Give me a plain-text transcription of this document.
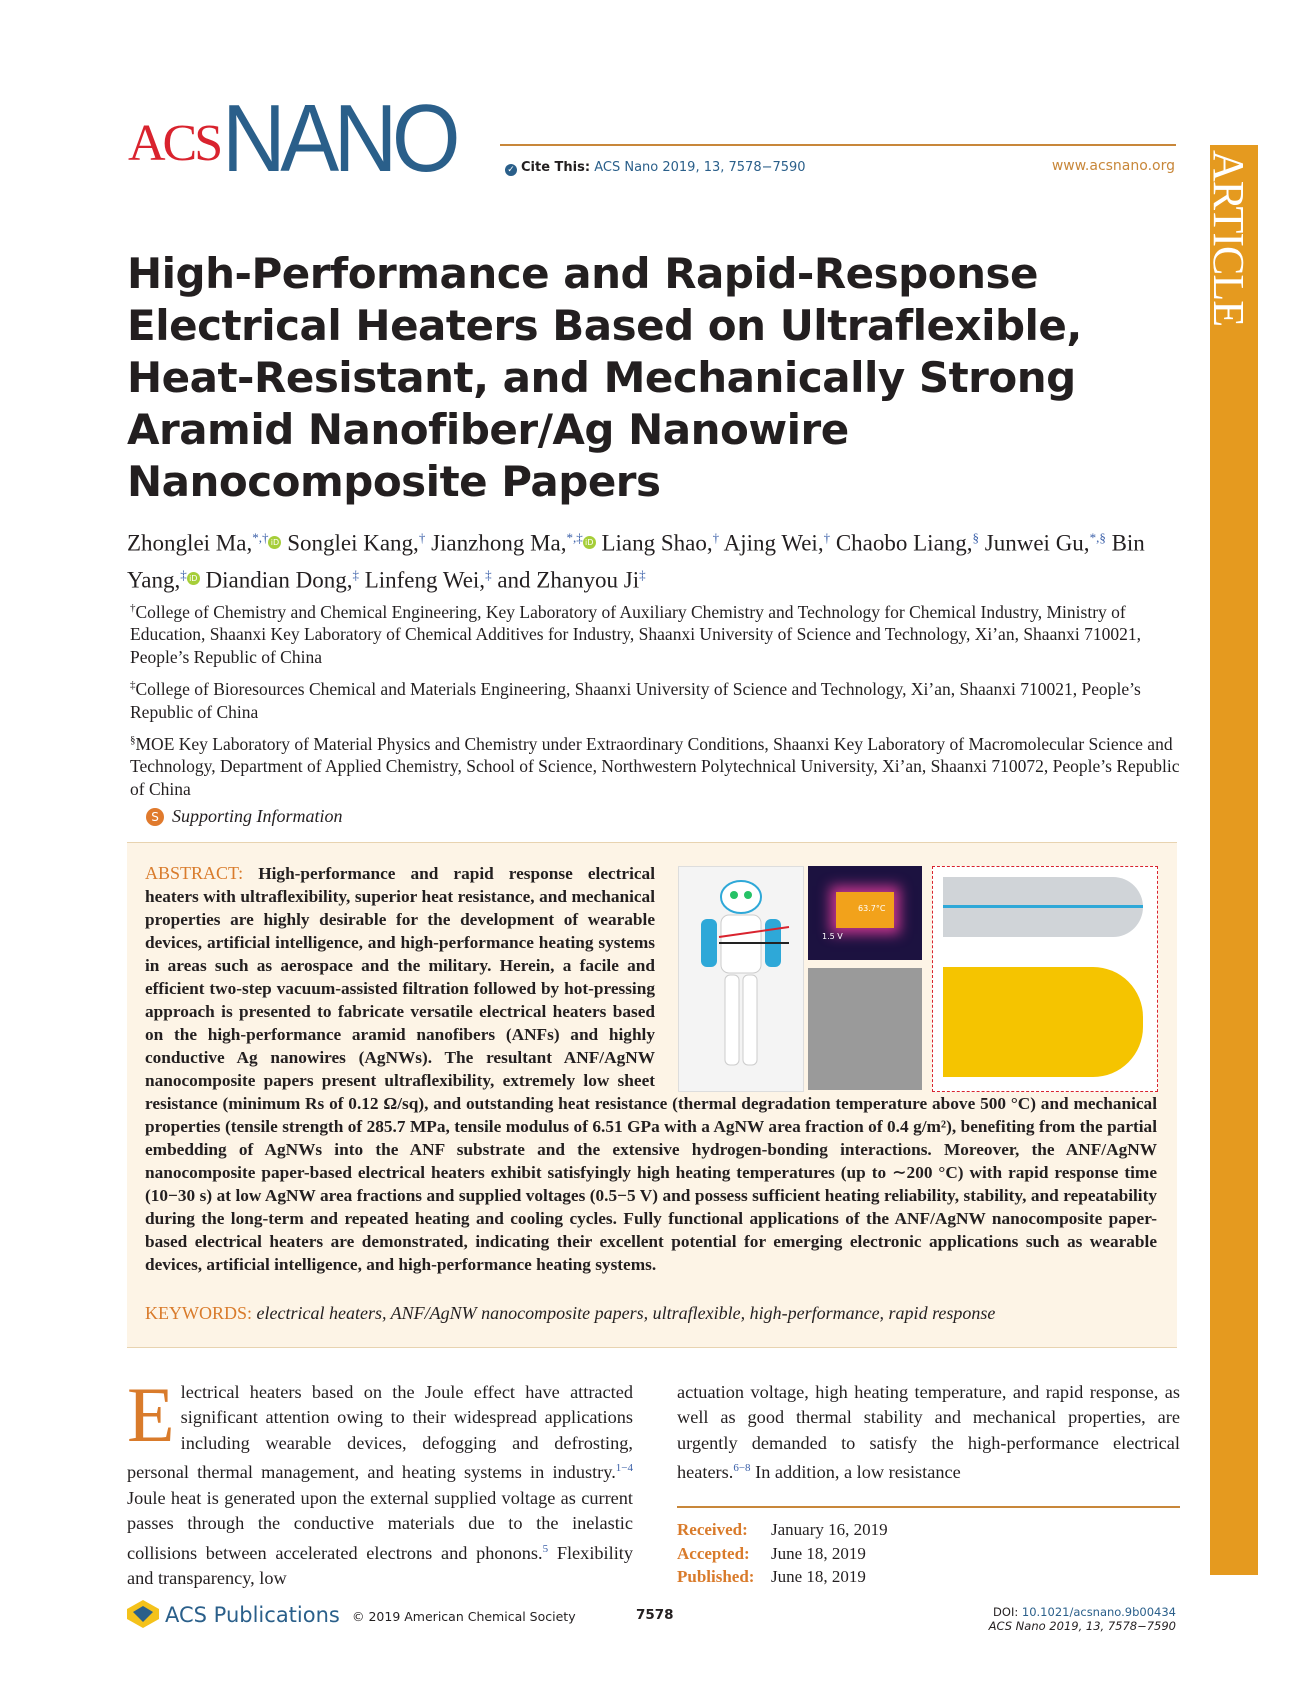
ACS NANO	✓ Cite This: ACS Nano 2019, 13, 7578−7590	www.acsnano.org ARTICLE
High-Performance and Rapid-Response Electrical Heaters Based on Ultraflexible, Heat-Resistant, and Mechanically Strong Aramid Nanofiber/Ag Nanowire Nanocomposite Papers
Zhonglei Ma,*,† iD Songlei Kang,† Jianzhong Ma,*,‡ iD Liang Shao,† Ajing Wei,† Chaobo Liang,§ Junwei Gu,*,§ Bin Yang,‡ iD Diandian Dong,‡ Linfeng Wei,‡ and Zhanyou Ji‡
†College of Chemistry and Chemical Engineering, Key Laboratory of Auxiliary Chemistry and Technology for Chemical Industry, Ministry of Education, Shaanxi Key Laboratory of Chemical Additives for Industry, Shaanxi University of Science and Technology, Xi’an, Shaanxi 710021, People’s Republic of China
‡College of Bioresources Chemical and Materials Engineering, Shaanxi University of Science and Technology, Xi’an, Shaanxi 710021, People’s Republic of China
§MOE Key Laboratory of Material Physics and Chemistry under Extraordinary Conditions, Shaanxi Key Laboratory of Macromolecular Science and Technology, Department of Applied Chemistry, School of Science, Northwestern Polytechnical University, Xi’an, Shaanxi 710072, People’s Republic of China
S Supporting Information
ABSTRACT: High-performance and rapid response electrical heaters with ultraflexibility, superior heat resistance, and mechanical properties are highly desirable for the development of wearable devices, artificial intelligence, and high-performance heating systems in areas such as aerospace and the military. Herein, a facile and efficient two-step vacuum-assisted filtration followed by hot-pressing approach is presented to fabricate versatile electrical heaters based on the high-performance aramid nanofibers (ANFs) and highly conductive Ag nanowires (AgNWs). The resultant ANF/AgNW nanocomposite papers present ultraflexibility, extremely low sheet resistance (minimum Rs of 0.12 Ω/sq), and outstanding heat resistance (thermal degradation temperature above 500 °C) and mechanical properties (tensile strength of 285.7 MPa, tensile modulus of 6.51 GPa with a AgNW area fraction of 0.4 g/m²), benefiting from the partial embedding of AgNWs into the ANF substrate and the extensive hydrogen-bonding interactions. Moreover, the ANF/AgNW nanocomposite paper-based electrical heaters exhibit satisfyingly high heating temperatures (up to ∼200 °C) with rapid response time (10−30 s) at low AgNW area fractions and supplied voltages (0.5−5 V) and possess sufficient heating reliability, stability, and repeatability during the long-term and repeated heating and cooling cycles. Fully functional applications of the ANF/AgNW nanocomposite paper-based electrical heaters are demonstrated, indicating their excellent potential for emerging electronic applications such as wearable devices, artificial intelligence, and high-performance heating systems.
63.7°C
1.5 V
KEYWORDS: electrical heaters, ANF/AgNW nanocomposite papers, ultraflexible, high-performance, rapid response
Electrical heaters based on the Joule effect have attracted significant attention owing to their widespread applications including wearable devices, defogging and defrosting, personal thermal management, and heating systems in industry.$^{1-4}$ Joule heat is generated upon the external supplied voltage as current passes through the conductive materials due to the inelastic collisions between accelerated electrons and phonons.$^5$ Flexibility and transparency, low
actuation voltage, high heating temperature, and rapid response, as well as good thermal stability and mechanical properties, are urgently demanded to satisfy the high-performance electrical heaters.$^{6-8}$ In addition, a low resistance
Received: January 16, 2019
Accepted: June 18, 2019
Published: June 18, 2019
ACS Publications © 2019 American Chemical Society	7578	DOI: 10.1021/acsnano.9b00434
ACS Nano 2019, 13, 7578−7590
